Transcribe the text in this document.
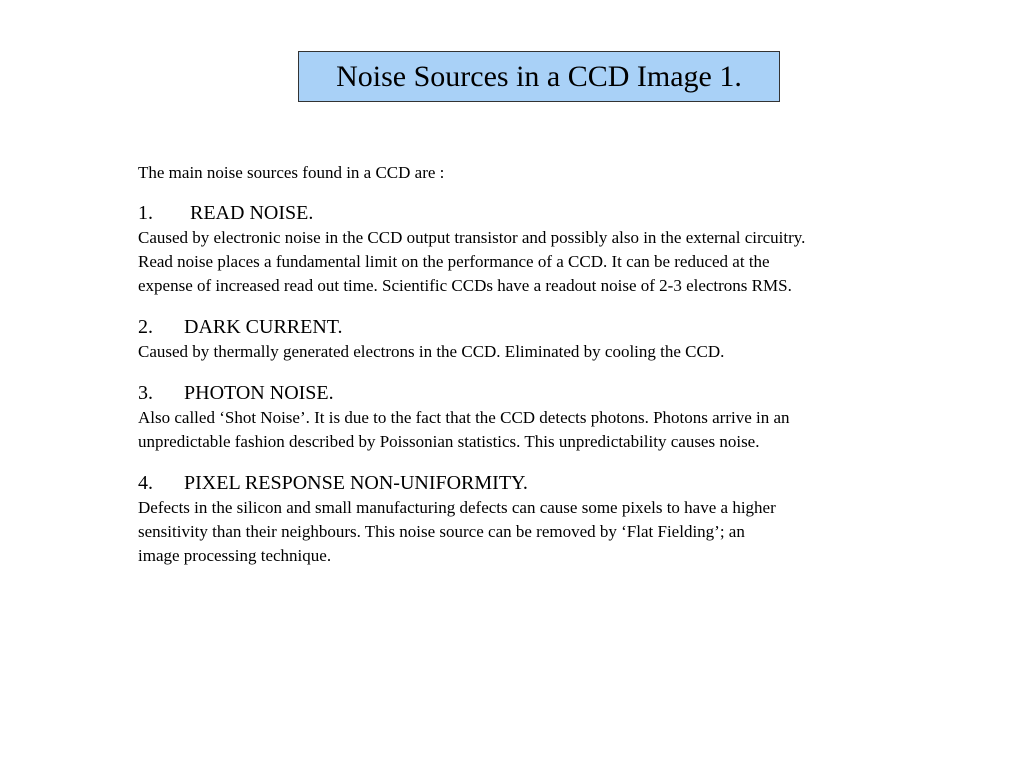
Noise Sources in a CCD Image 1.

The main noise sources found in a CCD are :

1. READ NOISE.

Caused by electronic noise in the CCD output transistor and possibly also in the external circuitry.
Read noise places a fundamental limit on the performance of a CCD. It can be reduced at the
expense of increased read out time. Scientific CCDs have a readout noise of 2-3 electrons RMS.

2. DARK CURRENT.

Caused by thermally generated electrons in the CCD. Eliminated by cooling the CCD.

3. PHOTON NOISE.

Also called ‘Shot Noise’. It is due to the fact that the CCD detects photons. Photons arrive in an
unpredictable fashion described by Poissonian statistics. This unpredictability causes noise.

4. PIXEL RESPONSE NON-UNIFORMITY.

Defects in the silicon and small manufacturing defects can cause some pixels to have a higher
sensitivity than their neighbours. This noise source can be removed by ‘Flat Fielding’; an
image processing technique.
